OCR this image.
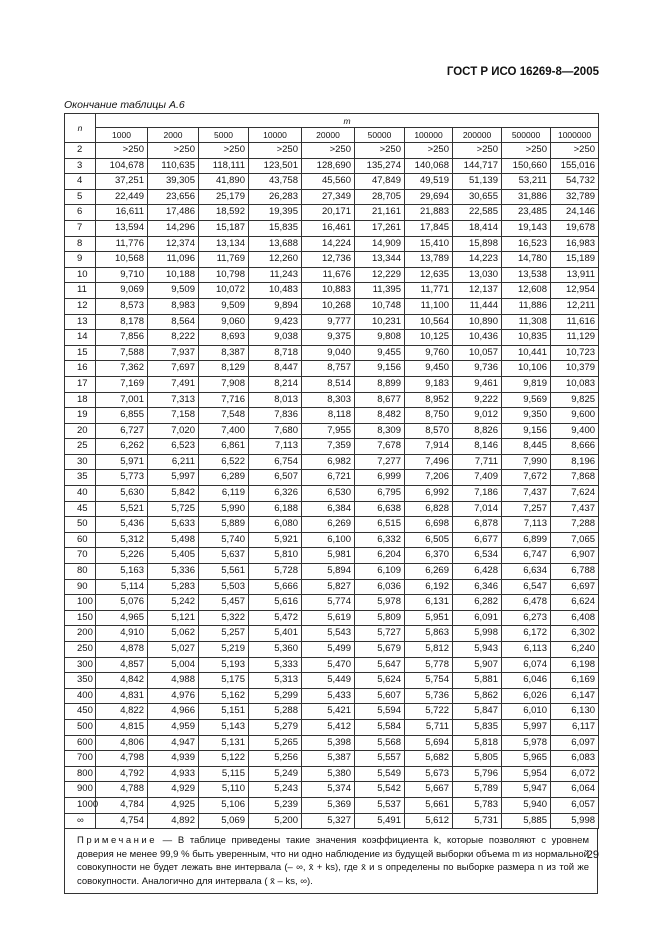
ГОСТ Р ИСО 16269-8—2005
Окончание таблицы А.6
n	m									
	1000	2000	5000	10000	20000	50000	100000	200000	500000	1000000
2	>250	>250	>250	>250	>250	>250	>250	>250	>250	>250
3	104,678	110,635	118,111	123,501	128,690	135,274	140,068	144,717	150,660	155,016
4	37,251	39,305	41,890	43,758	45,560	47,849	49,519	51,139	53,211	54,732
5	22,449	23,656	25,179	26,283	27,349	28,705	29,694	30,655	31,886	32,789
6	16,611	17,486	18,592	19,395	20,171	21,161	21,883	22,585	23,485	24,146
7	13,594	14,296	15,187	15,835	16,461	17,261	17,845	18,414	19,143	19,678
8	11,776	12,374	13,134	13,688	14,224	14,909	15,410	15,898	16,523	16,983
9	10,568	11,096	11,769	12,260	12,736	13,344	13,789	14,223	14,780	15,189
10	9,710	10,188	10,798	11,243	11,676	12,229	12,635	13,030	13,538	13,911
11	9,069	9,509	10,072	10,483	10,883	11,395	11,771	12,137	12,608	12,954
12	8,573	8,983	9,509	9,894	10,268	10,748	11,100	11,444	11,886	12,211
13	8,178	8,564	9,060	9,423	9,777	10,231	10,564	10,890	11,308	11,616
14	7,856	8,222	8,693	9,038	9,375	9,808	10,125	10,436	10,835	11,129
15	7,588	7,937	8,387	8,718	9,040	9,455	9,760	10,057	10,441	10,723
16	7,362	7,697	8,129	8,447	8,757	9,156	9,450	9,736	10,106	10,379
17	7,169	7,491	7,908	8,214	8,514	8,899	9,183	9,461	9,819	10,083
18	7,001	7,313	7,716	8,013	8,303	8,677	8,952	9,222	9,569	9,825
19	6,855	7,158	7,548	7,836	8,118	8,482	8,750	9,012	9,350	9,600
20	6,727	7,020	7,400	7,680	7,955	8,309	8,570	8,826	9,156	9,400
25	6,262	6,523	6,861	7,113	7,359	7,678	7,914	8,146	8,445	8,666
30	5,971	6,211	6,522	6,754	6,982	7,277	7,496	7,711	7,990	8,196
35	5,773	5,997	6,289	6,507	6,721	6,999	7,206	7,409	7,672	7,868
40	5,630	5,842	6,119	6,326	6,530	6,795	6,992	7,186	7,437	7,624
45	5,521	5,725	5,990	6,188	6,384	6,638	6,828	7,014	7,257	7,437
50	5,436	5,633	5,889	6,080	6,269	6,515	6,698	6,878	7,113	7,288
60	5,312	5,498	5,740	5,921	6,100	6,332	6,505	6,677	6,899	7,065
70	5,226	5,405	5,637	5,810	5,981	6,204	6,370	6,534	6,747	6,907
80	5,163	5,336	5,561	5,728	5,894	6,109	6,269	6,428	6,634	6,788
90	5,114	5,283	5,503	5,666	5,827	6,036	6,192	6,346	6,547	6,697
100	5,076	5,242	5,457	5,616	5,774	5,978	6,131	6,282	6,478	6,624
150	4,965	5,121	5,322	5,472	5,619	5,809	5,951	6,091	6,273	6,408
200	4,910	5,062	5,257	5,401	5,543	5,727	5,863	5,998	6,172	6,302
250	4,878	5,027	5,219	5,360	5,499	5,679	5,812	5,943	6,113	6,240
300	4,857	5,004	5,193	5,333	5,470	5,647	5,778	5,907	6,074	6,198
350	4,842	4,988	5,175	5,313	5,449	5,624	5,754	5,881	6,046	6,169
400	4,831	4,976	5,162	5,299	5,433	5,607	5,736	5,862	6,026	6,147
450	4,822	4,966	5,151	5,288	5,421	5,594	5,722	5,847	6,010	6,130
500	4,815	4,959	5,143	5,279	5,412	5,584	5,711	5,835	5,997	6,117
600	4,806	4,947	5,131	5,265	5,398	5,568	5,694	5,818	5,978	6,097
700	4,798	4,939	5,122	5,256	5,387	5,557	5,682	5,805	5,965	6,083
800	4,792	4,933	5,115	5,249	5,380	5,549	5,673	5,796	5,954	6,072
900	4,788	4,929	5,110	5,243	5,374	5,542	5,667	5,789	5,947	6,064
1000	4,784	4,925	5,106	5,239	5,369	5,537	5,661	5,783	5,940	6,057
∞	4,754	4,892	5,069	5,200	5,327	5,491	5,612	5,731	5,885	5,998
Примечание — В таблице приведены такие значения коэффициента k, которые позволяют с уровнем доверия не менее 99,9 % быть уверенным, что ни одно наблюдение из будущей выборки объема m из нормальной совокупности не будет лежать вне интервала (– ∞, x̄ + ks), где x̄ и s определены по выборке размера n из той же совокупности. Аналогично для интервала ( x̄ – ks, ∞).
29
